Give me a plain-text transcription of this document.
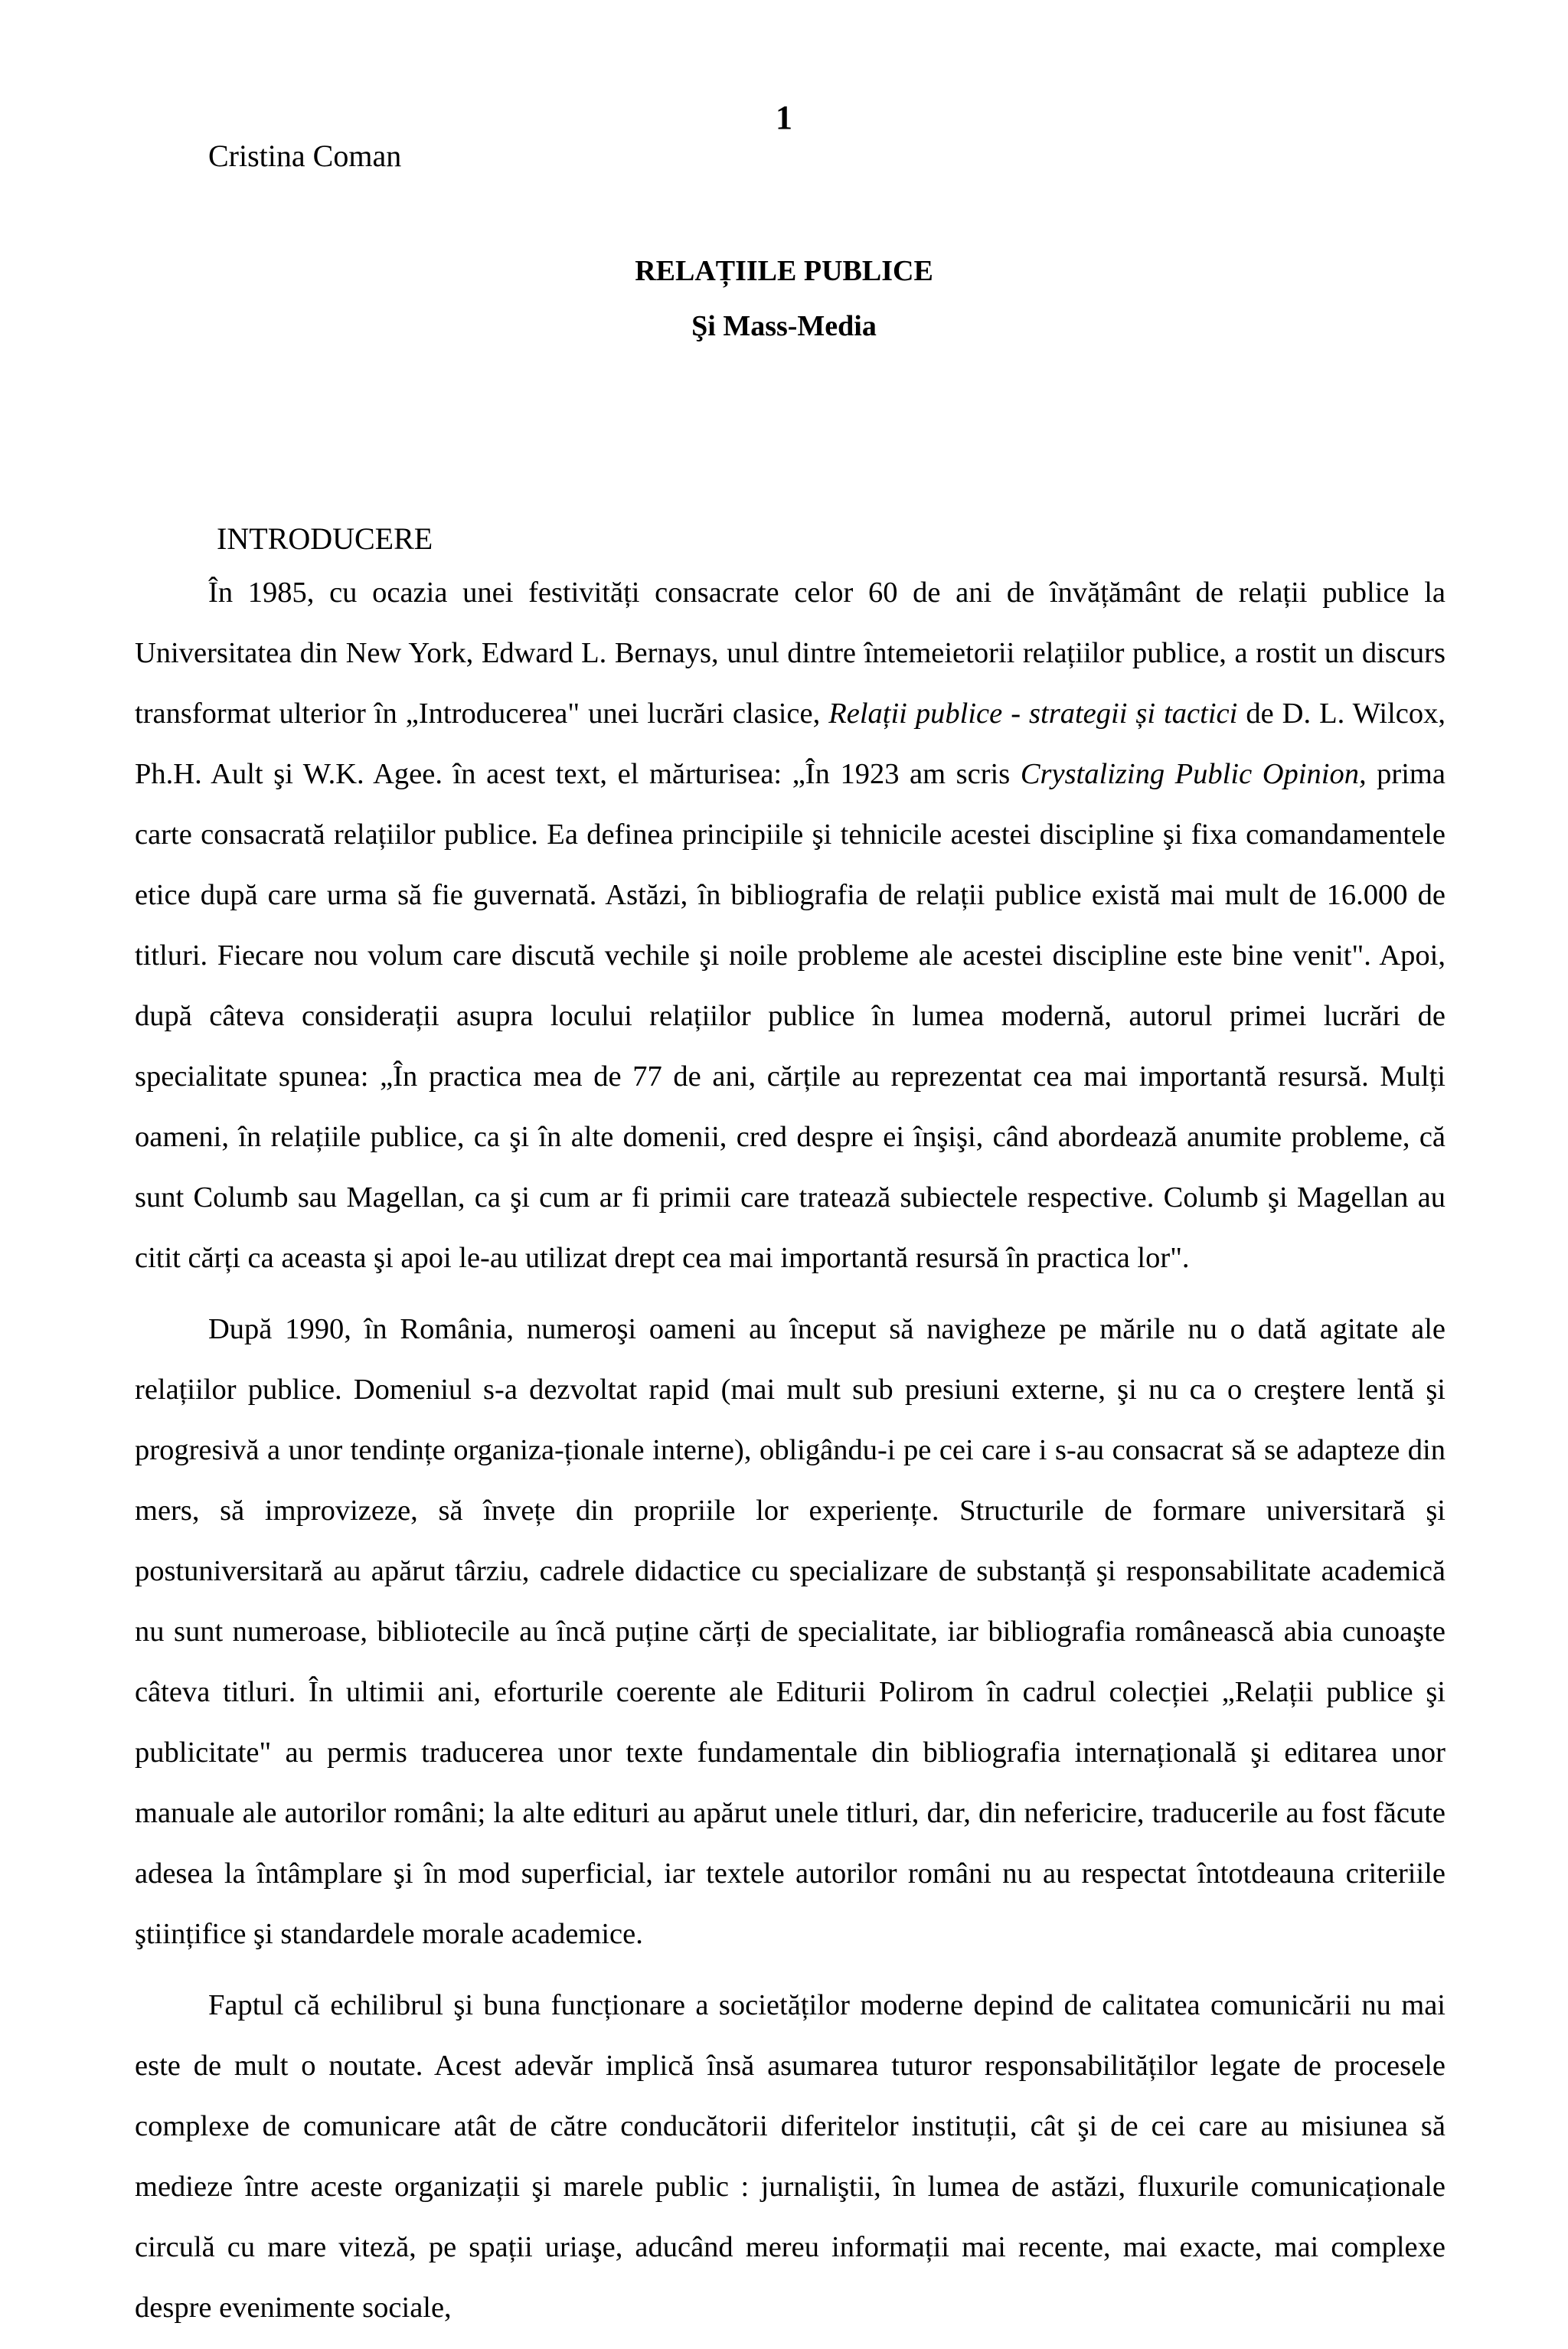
1

Cristina Coman

RELAȚIILE PUBLICE
Şi Mass-Media
INTRODUCERE

În 1985, cu ocazia unei festivități consacrate celor 60 de ani de învățământ de relații publice la Universitatea din New York, Edward L. Bernays, unul dintre întemeietorii relațiilor publice, a rostit un discurs transformat ulterior în „Introducerea" unei lucrări clasice, Relații publice - strategii și tactici de D. L. Wilcox, Ph.H. Ault şi W.K. Agee. în acest text, el mărturisea: „În 1923 am scris Crystalizing Public Opinion, prima carte consacrată relațiilor publice. Ea definea principiile şi tehnicile acestei discipline şi fixa comandamentele etice după care urma să fie guvernată. Astăzi, în bibliografia de relații publice există mai mult de 16.000 de titluri. Fiecare nou volum care discută vechile şi noile probleme ale acestei discipline este bine venit". Apoi, după câteva considerații asupra locului relațiilor publice în lumea modernă, autorul primei lucrări de specialitate spunea: „În practica mea de 77 de ani, cărțile au reprezentat cea mai importantă resursă. Mulți oameni, în relațiile publice, ca şi în alte domenii, cred despre ei înşişi, când abordează anumite probleme, că sunt Columb sau Magellan, ca şi cum ar fi primii care tratează subiectele respective. Columb şi Magellan au citit cărți ca aceasta şi apoi le-au utilizat drept cea mai importantă resursă în practica lor".

După 1990, în România, numeroşi oameni au început să navigheze pe mările nu o dată agitate ale relațiilor publice. Domeniul s-a dezvoltat rapid (mai mult sub presiuni externe, şi nu ca o creştere lentă şi progresivă a unor tendințe organiza-ționale interne), obligându-i pe cei care i s-au consacrat să se adapteze din mers, să improvizeze, să învețe din propriile lor experiențe. Structurile de formare universitară şi postuniversitară au apărut târziu, cadrele didactice cu specializare de substanță şi responsabilitate academică nu sunt numeroase, bibliotecile au încă puține cărți de specialitate, iar bibliografia românească abia cunoaşte câteva titluri. În ultimii ani, eforturile coerente ale Editurii Polirom în cadrul colecției „Relații publice şi publicitate" au permis traducerea unor texte fundamentale din bibliografia internațională şi editarea unor manuale ale autorilor români; la alte edituri au apărut unele titluri, dar, din nefericire, traducerile au fost făcute adesea la întâmplare şi în mod superficial, iar textele autorilor români nu au respectat întotdeauna criteriile ştiințifice şi standardele morale academice.

Faptul că echilibrul şi buna funcționare a societăților moderne depind de calitatea comunicării nu mai este de mult o noutate. Acest adevăr implică însă asumarea tuturor responsabilităților legate de procesele complexe de comunicare atât de către conducătorii diferitelor instituții, cât şi de cei care au misiunea să medieze între aceste organizații şi marele public : jurnaliştii, în lumea de astăzi, fluxurile comunicaționale circulă cu mare viteză, pe spații uriaşe, aducând mereu informații mai recente, mai exacte, mai complexe despre evenimente sociale,
